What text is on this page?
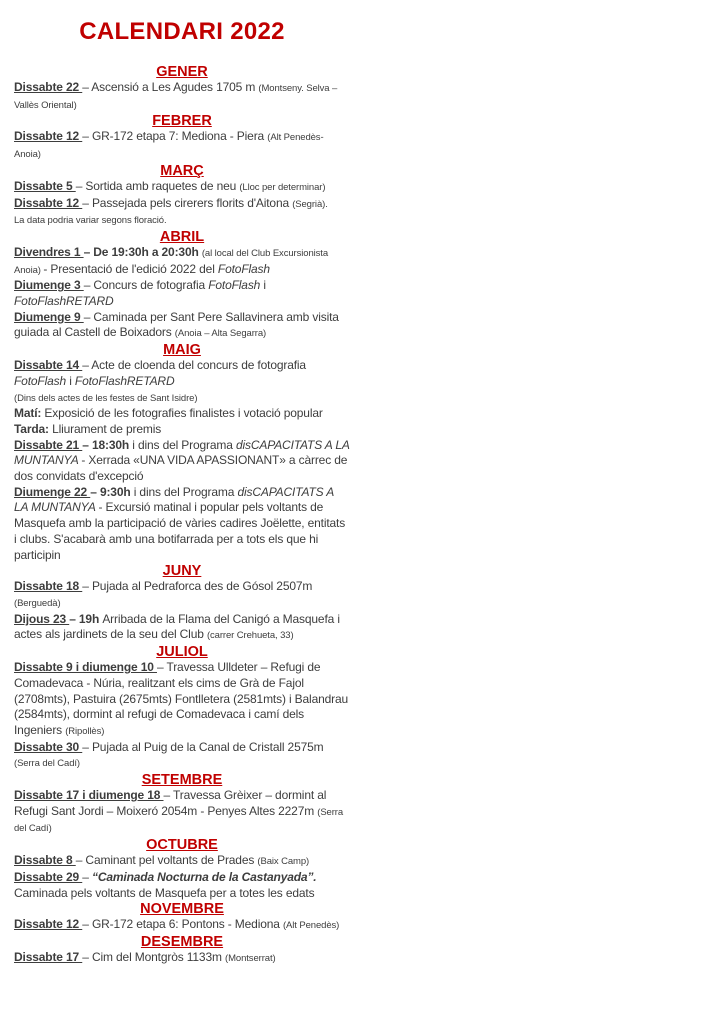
CALENDARI 2022
GENER

Dissabte 22 – Ascensió a Les Agudes 1705 m (Montseny. Selva – Vallès Oriental)

FEBRER

Dissabte 12 – GR-172 etapa 7: Mediona - Piera (Alt Penedès-Anoia)

MARÇ

Dissabte 5 – Sortida amb raquetes de neu (Lloc per determinar)

Dissabte 12 – Passejada pels cirerers florits d'Aitona (Segrià).

La data podria variar segons floració.

ABRIL

Divendres 1 – De 19:30h a 20:30h (al local del Club Excursionista Anoia) - Presentació de l'edició 2022 del FotoFlash

Diumenge 3 – Concurs de fotografia FotoFlash i FotoFlashRETARD

Diumenge 9 – Caminada per Sant Pere Sallavinera amb visita guiada al Castell de Boixadors (Anoia – Alta Segarra)

MAIG

Dissabte 14 – Acte de cloenda del concurs de fotografia FotoFlash i FotoFlashRETARD

(Dins dels actes de les festes de Sant Isidre)

Matí: Exposició de les fotografies finalistes i votació popular

Tarda: Lliurament de premis

Dissabte 21 – 18:30h i dins del Programa disCAPACITATS A LA MUNTANYA - Xerrada «UNA VIDA APASSIONANT» a càrrec de dos convidats d'excepció

Diumenge 22 – 9:30h i dins del Programa disCAPACITATS A LA MUNTANYA - Excursió matinal i popular pels voltants de Masquefa amb la participació de vàries cadires Joëlette, entitats i clubs. S'acabarà amb una botifarrada per a tots els que hi participin

JUNY

Dissabte 18 – Pujada al Pedraforca des de Gósol 2507m (Berguedà)

Dijous 23 – 19h Arribada de la Flama del Canigó a Masquefa i actes als jardinets de la seu del Club (carrer Crehueta, 33)

JULIOL

Dissabte 9 i diumenge 10 – Travessa Ulldeter – Refugi de Comadevaca - Núria, realitzant els cims de Grà de Fajol (2708mts), Pastuira (2675mts) Fontlletera (2581mts) i Balandrau (2584mts), dormint al refugi de Comadevaca i camí dels Ingeniers (Ripollès)

Dissabte 30 – Pujada al Puig de la Canal de Cristall 2575m (Serra del Cadí)

SETEMBRE

Dissabte 17 i diumenge 18 – Travessa Grèixer – dormint al Refugi Sant Jordi – Moixeró 2054m - Penyes Altes 2227m (Serra del Cadí)

OCTUBRE

Dissabte 8 – Caminant pel voltants de Prades (Baix Camp)

Dissabte 29 – “Caminada Nocturna de la Castanyada”. Caminada pels voltants de Masquefa per a totes les edats

NOVEMBRE

Dissabte 12 – GR-172 etapa 6: Pontons - Mediona (Alt Penedès)

DESEMBRE

Dissabte 17 – Cim del Montgròs 1133m (Montserrat)
